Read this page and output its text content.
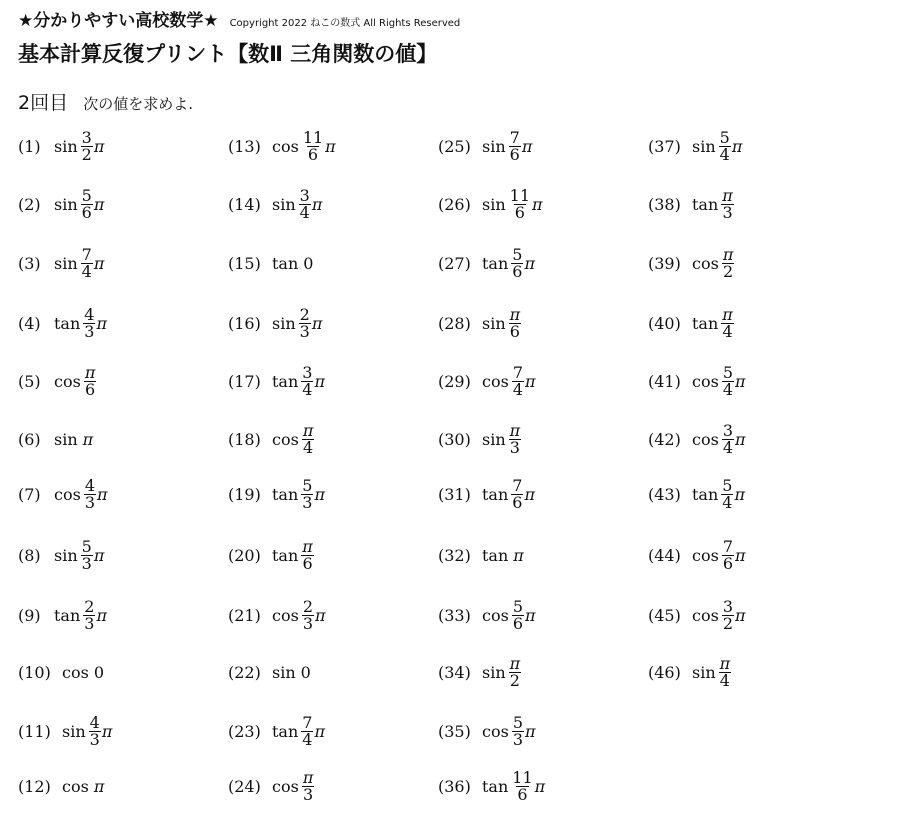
★分かりやすい高校数学★ Copyright 2022 ねこの数式 All Rights Reserved
基本計算反復プリント【数Ⅱ 三角関数の値】
2回目 次の値を求めよ.
(1) $\sin \frac{3}{2}$ π
(2) $\sin \frac{5}{6}$ π
(3) $\sin \frac{7}{4}$ π
(4) $\tan \frac{4}{3}$ π
(5) $\cos \frac{\pi}{6}$
(6) sin π
(7) $\cos \frac{4}{3}$ π
(8) $\sin \frac{5}{3}$ π
(9) $\tan \frac{2}{3}$ π
(10) cos 0
(11) $\sin \frac{4}{3}$ π
(12) cos π
(13) $\cos \frac{11}{6}$ π
(14) $\sin \frac{3}{4}$ π
(15) tan 0
(16) $\sin \frac{2}{3}$ π
(17) $\tan \frac{3}{4}$ π
(18) $\cos \frac{\pi}{4}$
(19) $\tan \frac{5}{3}$ π
(20) $\tan \frac{\pi}{6}$
(21) $\cos \frac{2}{3}$ π
(22) sin 0
(23) $\tan \frac{7}{4}$ π
(24) $\cos \frac{\pi}{3}$
(25) $\sin \frac{7}{6}$ π
(26) $\sin \frac{11}{6}$ π
(27) $\tan \frac{5}{6}$ π
(28) $\sin \frac{\pi}{6}$
(29) $\cos \frac{7}{4}$ π
(30) $\sin \frac{\pi}{3}$
(31) $\tan \frac{7}{6}$ π
(32) tan π
(33) $\cos \frac{5}{6}$ π
(34) $\sin \frac{\pi}{2}$
(35) $\cos \frac{5}{3}$ π
(36) $\tan \frac{11}{6}$ π
(37) $\sin \frac{5}{4}$ π
(38) $\tan \frac{\pi}{3}$
(39) $\cos \frac{\pi}{2}$
(40) $\tan \frac{\pi}{4}$
(41) $\cos \frac{5}{4}$ π
(42) $\cos \frac{3}{4}$ π
(43) $\tan \frac{5}{4}$ π
(44) $\cos \frac{7}{6}$ π
(45) $\cos \frac{3}{2}$ π
(46) $\sin \frac{\pi}{4}$
